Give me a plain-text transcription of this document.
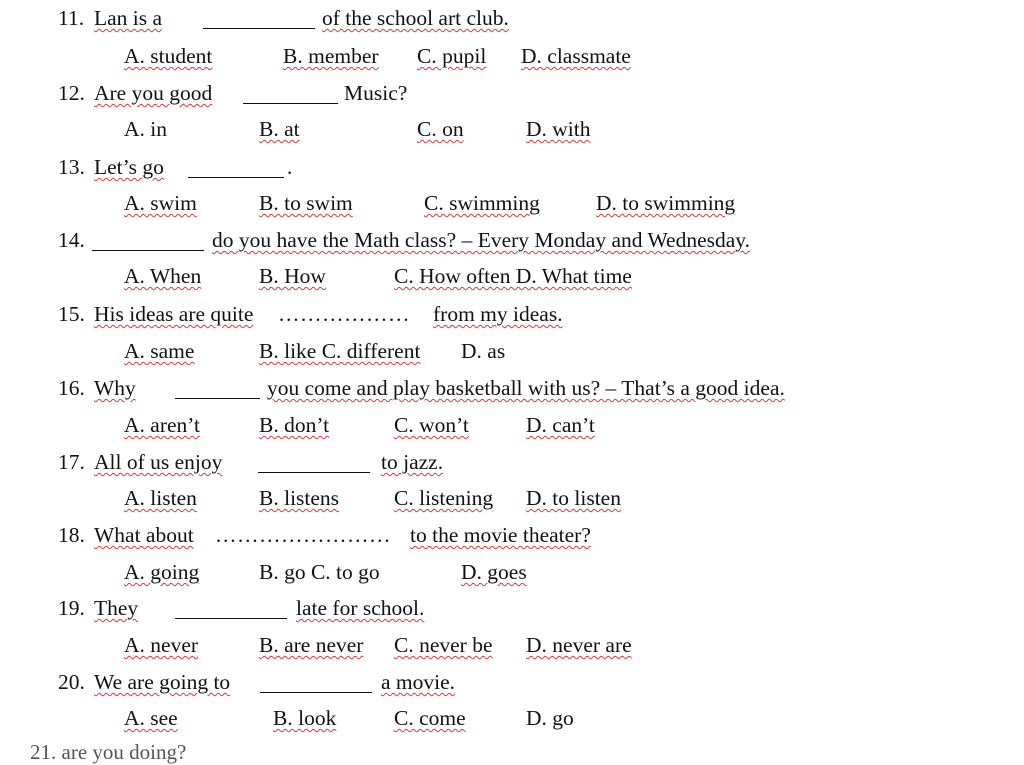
11. Lan is a	of the school art club.
A. student	B. member C. pupil D. classmate
12. Are you good	Music?
A. in	B. at	C. on	D. with
13. Let’s go	.
A. swim	B. to swim	C. swimming	D. to swimming
14.	do you have the Math class? – Every Monday and Wednesday.
A. When	B. How	C. How often D. What time
15. His ideas are quite ……………… from my ideas.
A. same	B. like C. different D. as
16. Why	you come and play basketball with us? – That’s a good idea.
A. aren’t	B. don’t	C. won’t	D. can’t
17. All of us enjoy	to jazz.
A. listen	B. listens	C. listening D. to listen
18. What about …………………… to the movie theater?
A. going	B. go C. to go	D. goes
19. They	late for school.
A. never	B. are never C. never be D. never are
20. We are going to	a movie.
A. see	B. look	C. come	D. go
21. are you doing?
